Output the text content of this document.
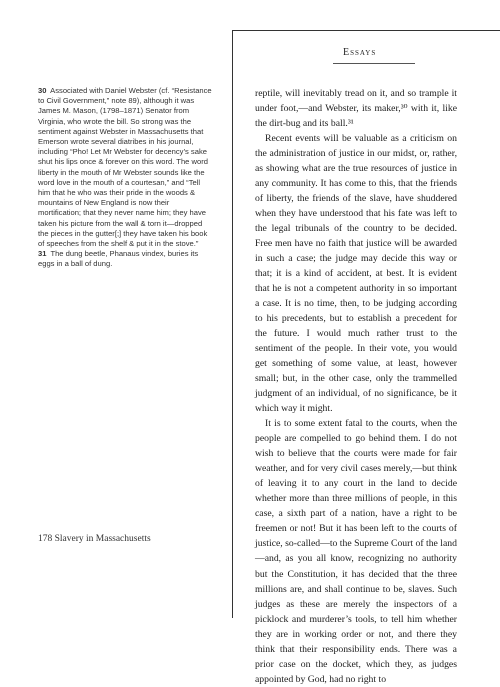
Essays

30 Associated with Daniel Webster (cf. “Resistance to Civil Government,” note 89), although it was James M. Mason, (1798–1871) Senator from Virginia, who wrote the bill. So strong was the sentiment against Webster in Massachusetts that Emerson wrote several diatribes in his journal, including “Pho! Let Mr Webster for decency’s sake shut his lips once & forever on this word. The word liberty in the mouth of Mr Webster sounds like the word love in the mouth of a courtesan,” and “Tell him that he who was their pride in the woods & mountains of New England is now their mortification; that they never name him; they have taken his picture from the wall & torn it—dropped the pieces in the gutter[;] they have taken his book of speeches from the shelf & put it in the stove.”

31 The dung beetle, Phanaus vindex, buries its eggs in a ball of dung.

reptile, will inevitably tread on it, and so trample it under foot,—and Webster, its maker,³⁰ with it, like the dirt-bug and its ball.³¹

Recent events will be valuable as a criticism on the administration of justice in our midst, or, rather, as showing what are the true resources of justice in any community. It has come to this, that the friends of liberty, the friends of the slave, have shuddered when they have understood that his fate was left to the legal tribunals of the country to be decided. Free men have no faith that justice will be awarded in such a case; the judge may decide this way or that; it is a kind of accident, at best. It is evident that he is not a competent authority in so important a case. It is no time, then, to be judging according to his precedents, but to establish a precedent for the future. I would much rather trust to the sentiment of the people. In their vote, you would get something of some value, at least, however small; but, in the other case, only the trammelled judgment of an individual, of no significance, be it which way it might.

It is to some extent fatal to the courts, when the people are compelled to go behind them. I do not wish to believe that the courts were made for fair weather, and for very civil cases merely,—but think of leaving it to any court in the land to decide whether more than three millions of people, in this case, a sixth part of a nation, have a right to be freemen or not! But it has been left to the courts of justice, so-called—to the Supreme Court of the land—and, as you all know, recognizing no authority but the Constitution, it has decided that the three millions are, and shall continue to be, slaves. Such judges as these are merely the inspectors of a picklock and murderer’s tools, to tell him whether they are in working order or not, and there they think that their responsibility ends. There was a prior case on the docket, which they, as judges appointed by God, had no right to

178 Slavery in Massachusetts
